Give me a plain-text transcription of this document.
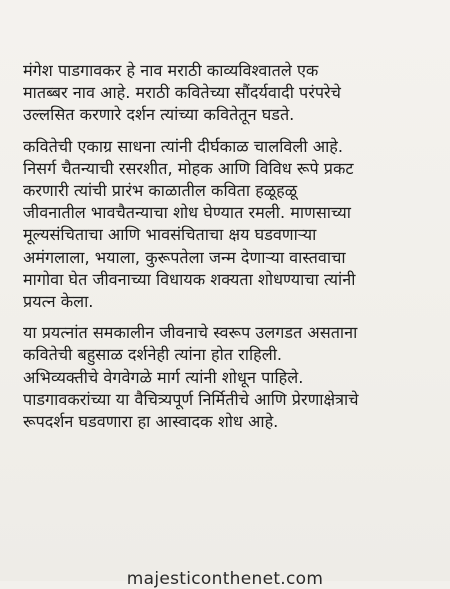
मंगेश पाडगावकर हे नाव मराठी काव्यविश्वातले एक
मातब्बर नाव आहे. मराठी कवितेच्या सौंदर्यवादी परंपरेचे
उल्लसित करणारे दर्शन त्यांच्या कवितेतून घडते.
कवितेची एकाग्र साधना त्यांनी दीर्घकाळ चालविली आहे.
निसर्ग चैतन्याची रसरशीत, मोहक आणि विविध रूपे प्रकट
करणारी त्यांची प्रारंभ काळातील कविता हळूहळू
जीवनातील भावचैतन्याचा शोध घेण्यात रमली. माणसाच्या
मूल्यसंचिताचा आणि भावसंचिताचा क्षय घडवणाऱ्या
अमंगलाला, भयाला, कुरूपतेला जन्म देणाऱ्या वास्तवाचा
मागोवा घेत जीवनाच्या विधायक शक्यता शोधण्याचा त्यांनी
प्रयत्न केला.
या प्रयत्नांत समकालीन जीवनाचे स्वरूप उलगडत असताना
कवितेची बहुसाळ दर्शनेही त्यांना होत राहिली.
अभिव्यक्तीचे वेगवेगळे मार्ग त्यांनी शोधून पाहिले.
पाडगावकरांच्या या वैचित्र्यपूर्ण निर्मितीचे आणि प्रेरणाक्षेत्राचे
रूपदर्शन घडवणारा हा आस्वादक शोध आहे.
majesticonthenet.com
